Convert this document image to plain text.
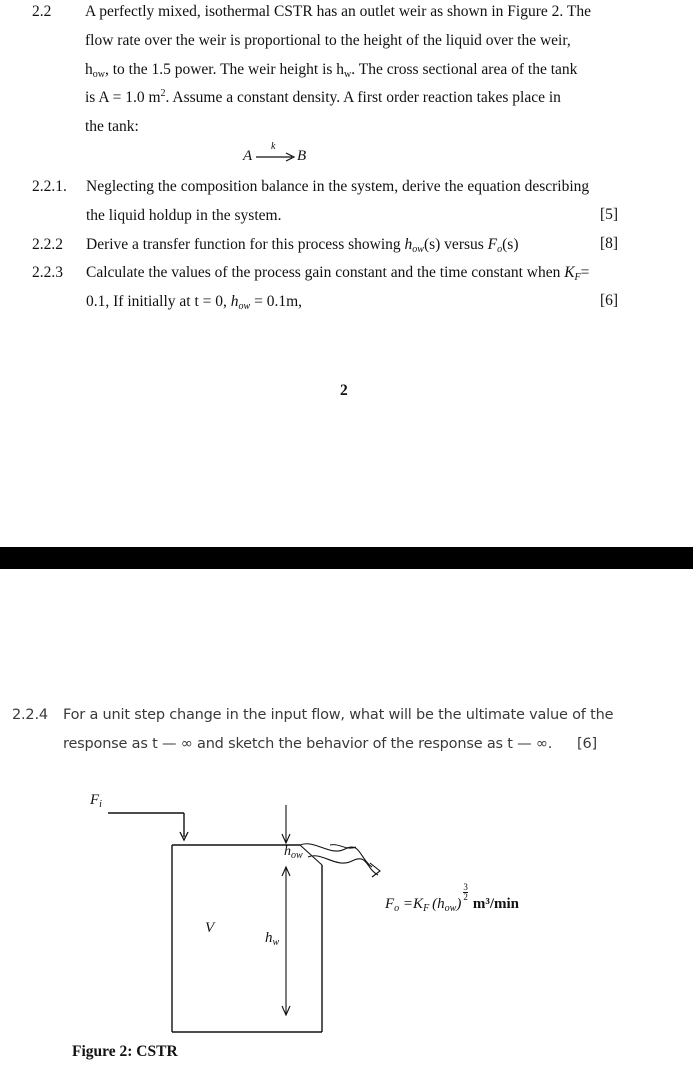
2.2 A perfectly mixed, isothermal CSTR has an outlet weir as shown in Figure 2. The
flow rate over the weir is proportional to the height of the liquid over the weir,
$h_{ow}$, to the 1.5 power. The weir height is $h_w$. The cross sectional area of the tank
is A = 1.0 $m^2$. Assume a constant density. A first order reaction takes place in
the tank:
A
k
B
2.2.1. Neglecting the composition balance in the system, derive the equation describing
the liquid holdup in the system.	[5]
2.2.2 Derive a transfer function for this process showing $h_{ow}(s)$ versus $F_o(s)$	[8]
2.2.3 Calculate the values of the process gain constant and the time constant when $K_F=$
0.1, If initially at t = 0, $h_{ow} = 0.1m$,	[6]
2
2.2.4 For a unit step change in the input flow, what will be the ultimate value of the
response as t — ∞ and sketch the behavior of the response as t — ∞. [6]
$F_i$
V
$h_w$
$h_{ow}$
$F_o =K_F$ $(h_{ow})$
$\frac{3}{2}$
m³/min
Figure 2: CSTR
